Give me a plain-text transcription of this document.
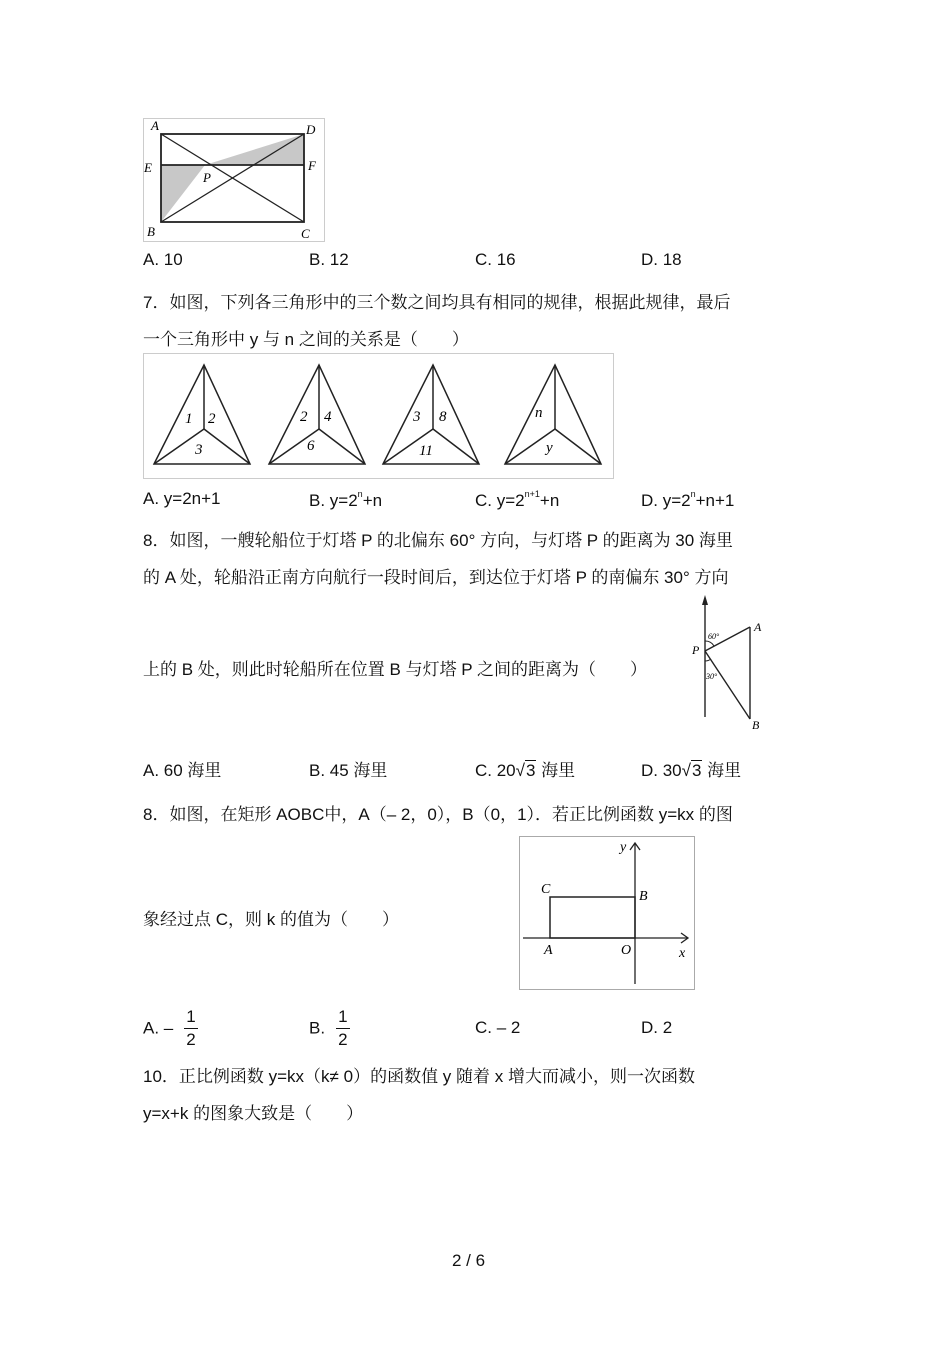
A	D
E	F
P
B	C
A. 10	B. 12	C. 16	D. 18
7．如图，下列各三角形中的三个数之间均具有相同的规律，根据此规律，最后
一个三角形中 y 与 n 之间的关系是（　　）
1 2
3
2 4
6
3 8
11
n
y
A. y=2n+1	B. $y=2^n+n$	C. $y=2^{n+1}+n$	D. $y=2^n+n+1$
8．如图，一艘轮船位于灯塔 P 的北偏东 60° 方向，与灯塔 P 的距离为 30 海里
的 A 处，轮船沿正南方向航行一段时间后，到达位于灯塔 P 的南偏东 30° 方向
上的 B 处，则此时轮船所在位置 B 与灯塔 P 之间的距离为（　　）
P
A
B
60°
30°
A. 60 海里	B. 45 海里	C. 20√3 海里	D. 30√3 海里
8．如图，在矩形 AOBC中，A（– 2，0），B（0，1）．若正比例函数 y=kx 的图
象经过点 C，则 k 的值为（　　）
y
x
C	B
A	O
A. – $\frac{1}{2}$	B. $\frac{1}{2}$	C. – 2	D. 2
10．正比例函数 y=kx（k≠ 0）的函数值 y 随着 x 增大而减小，则一次函数
y=x+k 的图象大致是（　　）
2 / 6
